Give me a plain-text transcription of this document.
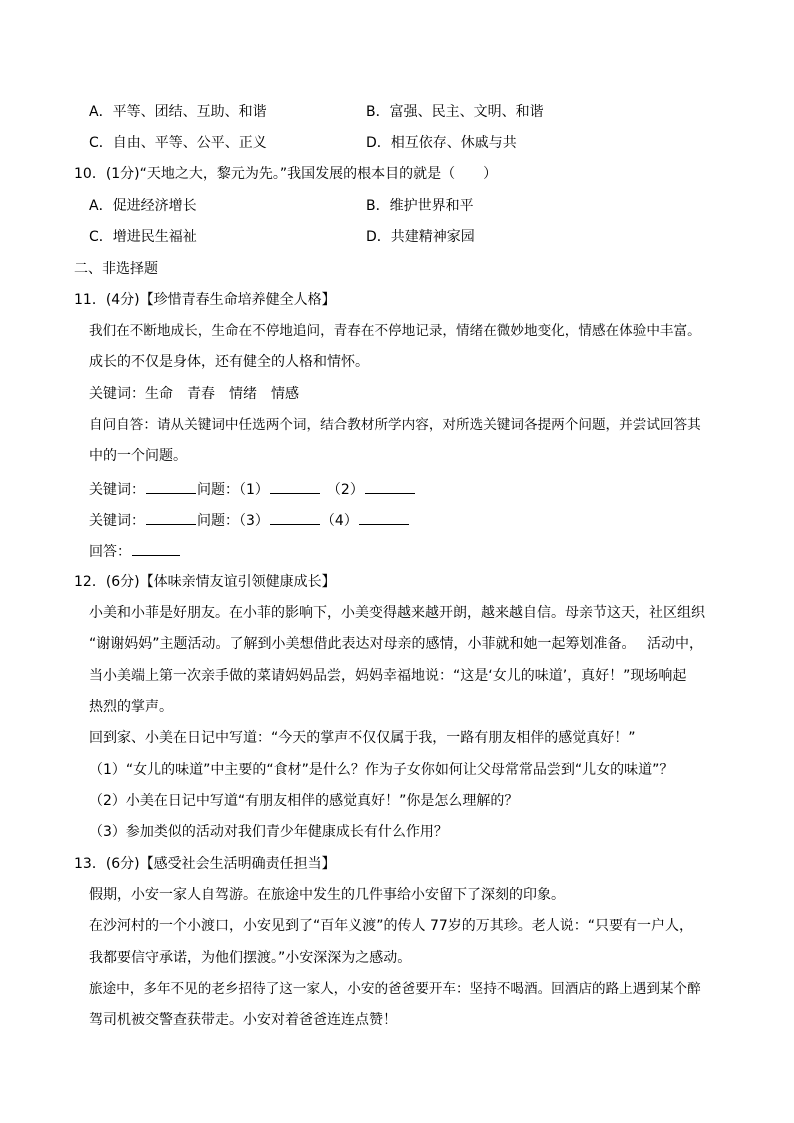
A．平等、团结、互助、和谐	B．富强、民主、文明、和谐
C．自由、平等、公平、正义	D．相互依存、休戚与共
10．(1分)“天地之大，黎元为先。”我国发展的根本目的就是（　　）
A．促进经济增长	B．维护世界和平
C．增进民生福祉	D．共建精神家园
二、非选择题
11．(4分)【珍惜青春生命培养健全人格】
我们在不断地成长，生命在不停地追问，青春在不停地记录，情绪在微妙地变化，情感在体验中丰富。
成长的不仅是身体，还有健全的人格和情怀。
关键词：生命　青春　情绪　情感
自问自答：请从关键词中任选两个词，结合教材所学内容，对所选关键词各提两个问题，并尝试回答其
中的一个问题。
关键词：	问题：（1）	（2）
关键词：	问题：（3）	（4）
回答：
12．(6分)【体味亲情友谊引领健康成长】
小美和小菲是好朋友。在小菲的影响下，小美变得越来越开朗，越来越自信。母亲节这天，社区组织
“谢谢妈妈”主题活动。了解到小美想借此表达对母亲的感情，小菲就和她一起筹划准备。　 活动中，
当小美端上第一次亲手做的菜请妈妈品尝，妈妈幸福地说：“这是‘女儿的味道’，真好！”现场响起
热烈的掌声。
回到家、小美在日记中写道：“今天的掌声不仅仅属于我，一路有朋友相伴的感觉真好！”
（1）“女儿的味道”中主要的“食材”是什么？作为子女你如何让父母常常品尝到“儿女的味道”？
（2）小美在日记中写道“有朋友相伴的感觉真好！”你是怎么理解的？
（3）参加类似的活动对我们青少年健康成长有什么作用？
13．(6分)【感受社会生活明确责任担当】
假期，小安一家人自驾游。在旅途中发生的几件事给小安留下了深刻的印象。
在沙河村的一个小渡口，小安见到了“百年义渡”的传人 77岁的万其珍。老人说：“只要有一户人，
我都要信守承诺，为他们摆渡。”小安深深为之感动。
旅途中，多年不见的老乡招待了这一家人，小安的爸爸要开车：坚持不喝酒。回酒店的路上遇到某个醉
驾司机被交警查获带走。小安对着爸爸连连点赞！
